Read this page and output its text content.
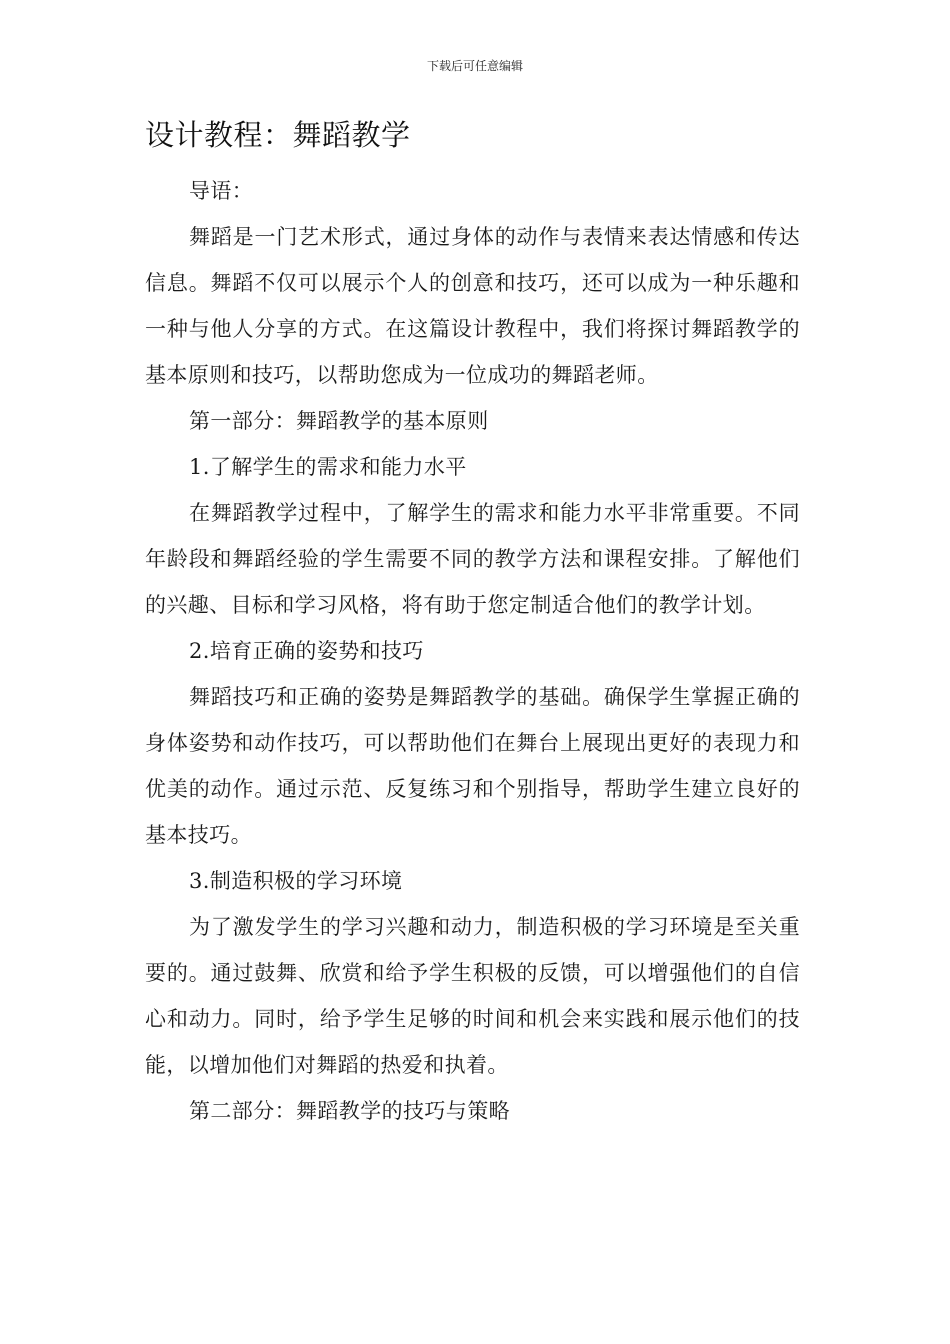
下载后可任意编辑
设计教程：舞蹈教学

导语：

舞蹈是一门艺术形式，通过身体的动作与表情来表达情感和传达信息。舞蹈不仅可以展示个人的创意和技巧，还可以成为一种乐趣和一种与他人分享的方式。在这篇设计教程中，我们将探讨舞蹈教学的基本原则和技巧，以帮助您成为一位成功的舞蹈老师。

第一部分：舞蹈教学的基本原则

1.了解学生的需求和能力水平

在舞蹈教学过程中，了解学生的需求和能力水平非常重要。不同年龄段和舞蹈经验的学生需要不同的教学方法和课程安排。了解他们的兴趣、目标和学习风格，将有助于您定制适合他们的教学计划。

2.培育正确的姿势和技巧

舞蹈技巧和正确的姿势是舞蹈教学的基础。确保学生掌握正确的身体姿势和动作技巧，可以帮助他们在舞台上展现出更好的表现力和优美的动作。通过示范、反复练习和个别指导，帮助学生建立良好的基本技巧。

3.制造积极的学习环境

为了激发学生的学习兴趣和动力，制造积极的学习环境是至关重要的。通过鼓舞、欣赏和给予学生积极的反馈，可以增强他们的自信心和动力。同时，给予学生足够的时间和机会来实践和展示他们的技能，以增加他们对舞蹈的热爱和执着。

第二部分：舞蹈教学的技巧与策略
